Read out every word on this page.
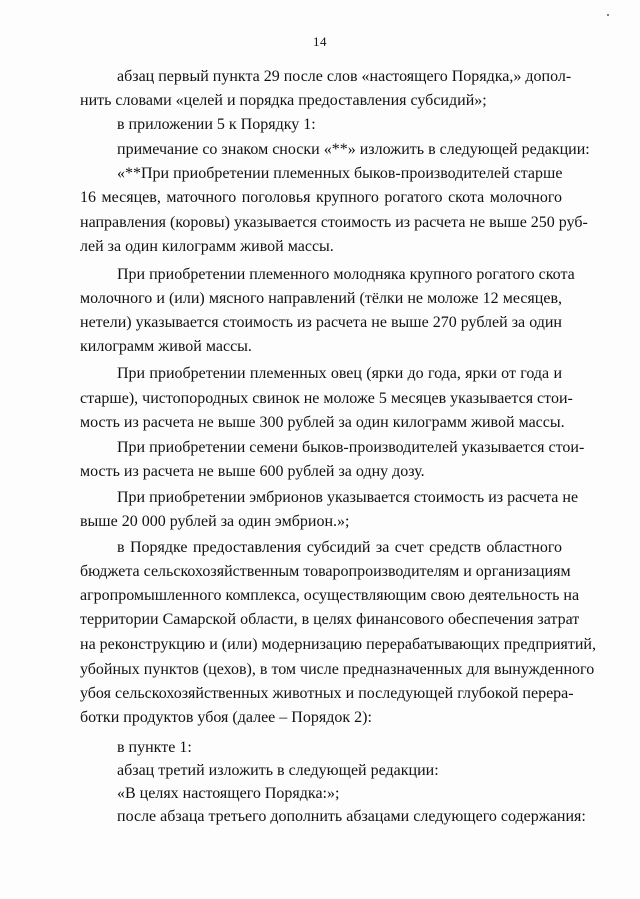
14
абзац первый пункта 29 после слов «настоящего Порядка,» допол-
нить словами «целей и порядка предоставления субсидий»;
в приложении 5 к Порядку 1:
примечание со знаком сноски «**» изложить в следующей редакции:
«**При приобретении племенных быков-производителей старше
16 месяцев, маточного поголовья крупного рогатого скота молочного
направления (коровы) указывается стоимость из расчета не выше 250 руб-
лей за один килограмм живой массы.
При приобретении племенного молодняка крупного рогатого скота
молочного и (или) мясного направлений (тёлки не моложе 12 месяцев,
нетели) указывается стоимость из расчета не выше 270 рублей за один
килограмм живой массы.
При приобретении племенных овец (ярки до года, ярки от года и
старше), чистопородных свинок не моложе 5 месяцев указывается стои-
мость из расчета не выше 300 рублей за один килограмм живой массы.
При приобретении семени быков-производителей указывается стои-
мость из расчета не выше 600 рублей за одну дозу.
При приобретении эмбрионов указывается стоимость из расчета не
выше 20 000 рублей за один эмбрион.»;
в Порядке предоставления субсидий за счет средств областного
бюджета сельскохозяйственным товаропроизводителям и организациям
агропромышленного комплекса, осуществляющим свою деятельность на
территории Самарской области, в целях финансового обеспечения затрат
на реконструкцию и (или) модернизацию перерабатывающих предприятий,
убойных пунктов (цехов), в том числе предназначенных для вынужденного
убоя сельскохозяйственных животных и последующей глубокой перера-
ботки продуктов убоя (далее – Порядок 2):
в пункте 1:
абзац третий изложить в следующей редакции:
«В целях настоящего Порядка:»;
после абзаца третьего дополнить абзацами следующего содержания:
